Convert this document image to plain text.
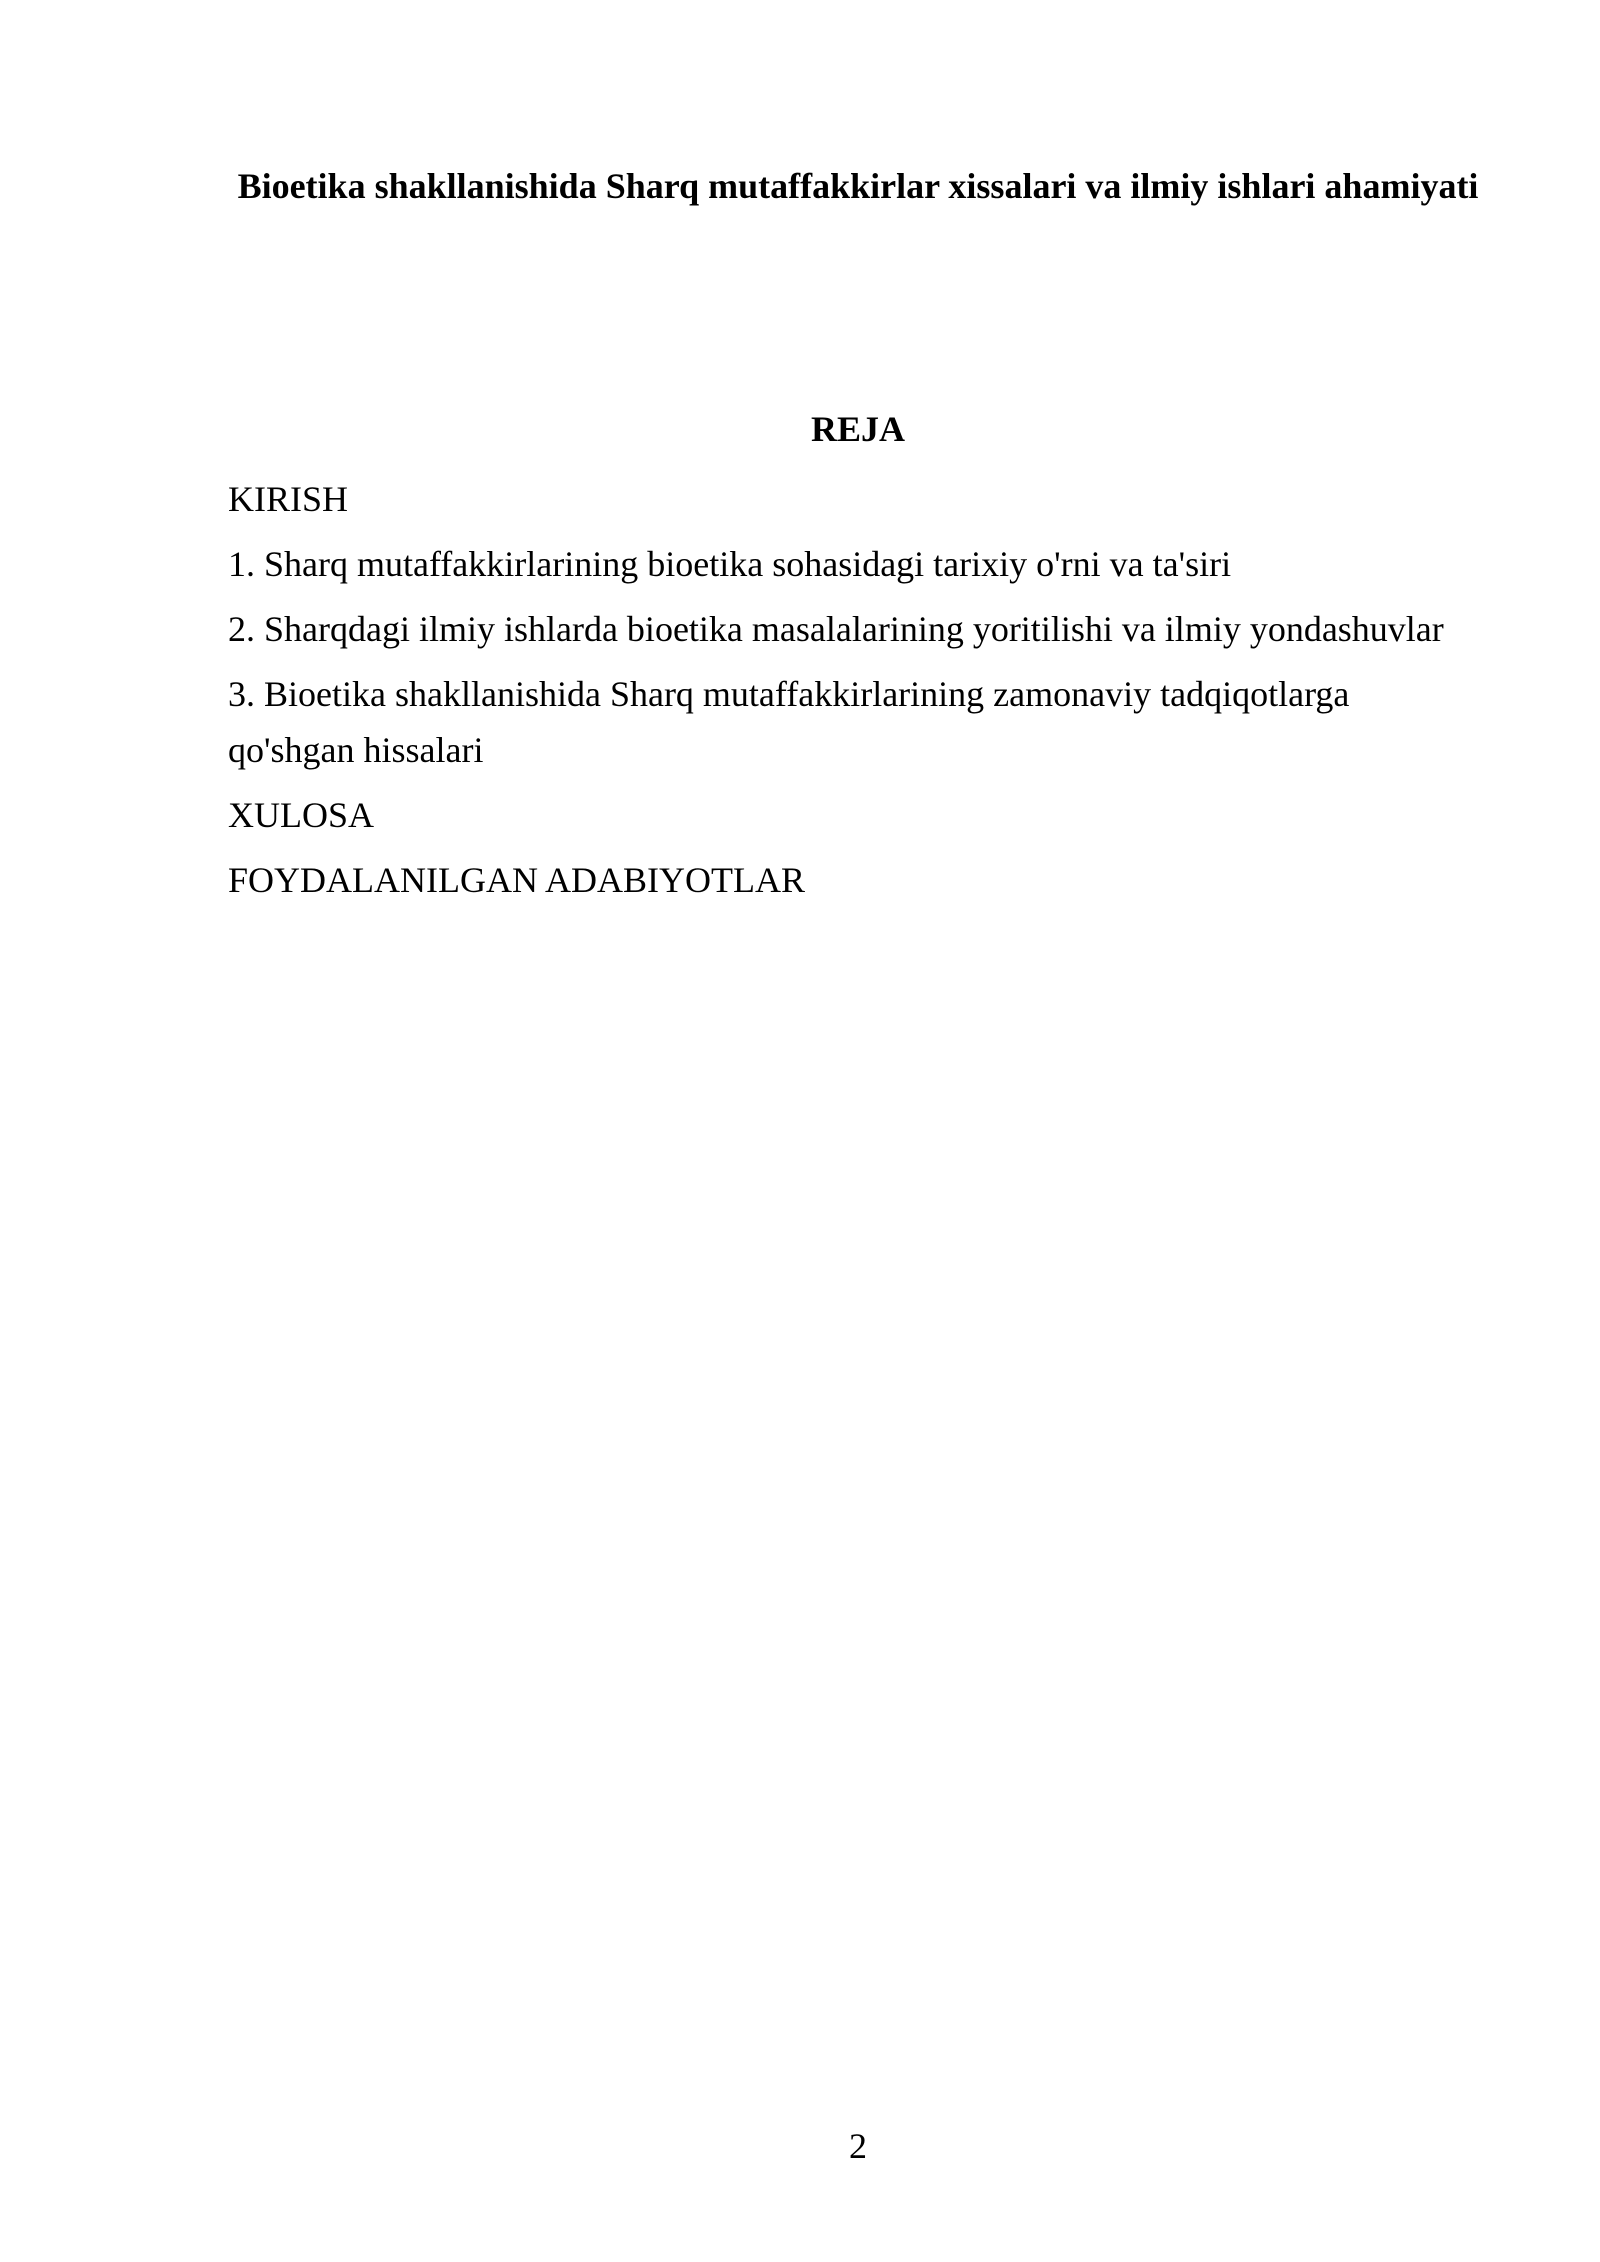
Bioetika shakllanishida Sharq mutaffakkirlar xissalari va ilmiy ishlari ahamiyati
REJA
KIRISH
1. Sharq mutaffakkirlarining bioetika sohasidagi tarixiy o'rni va ta'siri
2. Sharqdagi ilmiy ishlarda bioetika masalalarining yoritilishi va ilmiy yondashuvlar
3. Bioetika shakllanishida Sharq mutaffakkirlarining zamonaviy tadqiqotlarga qo'shgan hissalari
XULOSA
FOYDALANILGAN ADABIYOTLAR
2
